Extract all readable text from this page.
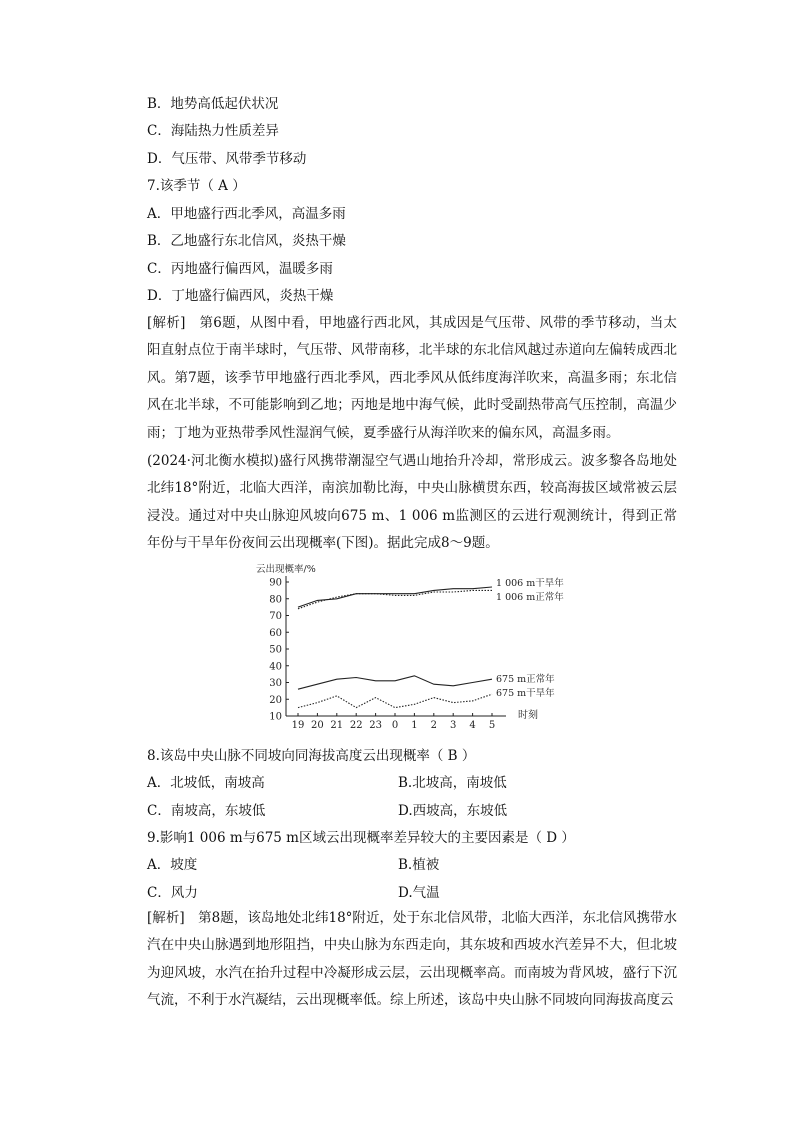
B．地势高低起伏状况
C．海陆热力性质差异
D．气压带、风带季节移动
7.该季节（ A ）
A．甲地盛行西北季风，高温多雨
B．乙地盛行东北信风，炎热干燥
C．丙地盛行偏西风，温暖多雨
D．丁地盛行偏西风，炎热干燥
[解析]　第6题，从图中看，甲地盛行西北风，其成因是气压带、风带的季节移动，当太阳直射点位于南半球时，气压带、风带南移，北半球的东北信风越过赤道向左偏转成西北风。第7题，该季节甲地盛行西北季风，西北季风从低纬度海洋吹来，高温多雨；东北信风在北半球，不可能影响到乙地；丙地是地中海气候，此时受副热带高气压控制，高温少雨；丁地为亚热带季风性湿润气候，夏季盛行从海洋吹来的偏东风，高温多雨。
(2024·河北衡水模拟)盛行风携带潮湿空气遇山地抬升冷却，常形成云。波多黎各岛地处北纬18°附近，北临大西洋，南滨加勒比海，中央山脉横贯东西，较高海拔区域常被云层浸没。通过对中央山脉迎风坡向675 m、1 006 m监测区的云进行观测统计，得到正常年份与干旱年份夜间云出现概率(下图)。据此完成8～9题。
云出现概率/%
时刻
10
20
30
40
50
60
70
80
90
19 20 21 22 23 0 1 2 3 4 5
1 006 m干旱年
1 006 m正常年
675 m正常年
675 m干旱年
8.该岛中央山脉不同坡向同海拔高度云出现概率（ B ）
A．北坡低，南坡高	B.北坡高，南坡低
C．南坡高，东坡低	D.西坡高，东坡低
9.影响1 006 m与675 m区域云出现概率差异较大的主要因素是（ D ）
A．坡度	B.植被
C．风力	D.气温
[解析]　第8题，该岛地处北纬18°附近，处于东北信风带，北临大西洋，东北信风携带水汽在中央山脉遇到地形阻挡，中央山脉为东西走向，其东坡和西坡水汽差异不大，但北坡为迎风坡，水汽在抬升过程中冷凝形成云层，云出现概率高。而南坡为背风坡，盛行下沉气流，不利于水汽凝结，云出现概率低。综上所述，该岛中央山脉不同坡向同海拔高度云
